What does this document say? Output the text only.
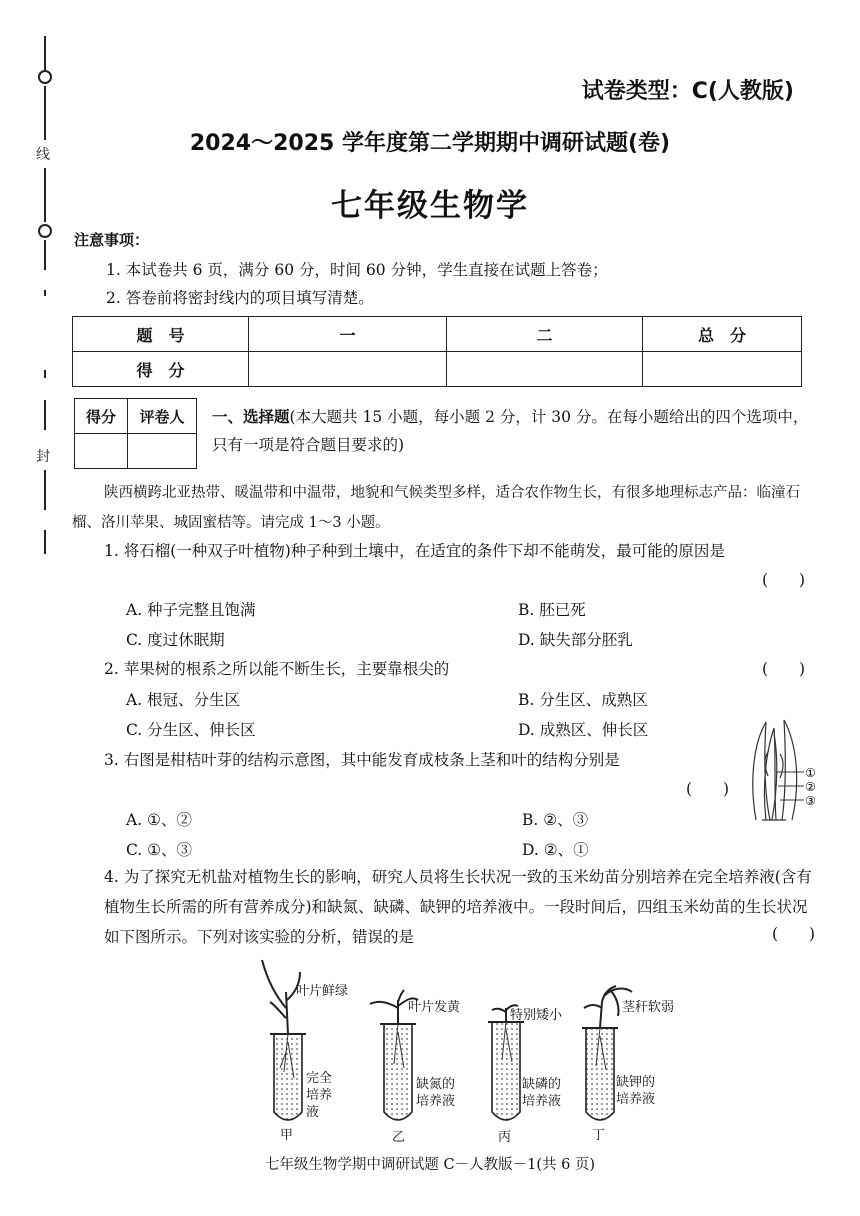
线
封
试卷类型：C(人教版)
2024～2025 学年度第二学期期中调研试题(卷)
七年级生物学
注意事项：
1. 本试卷共 6 页，满分 60 分，时间 60 分钟，学生直接在试题上答卷；
2. 答卷前将密封线内的项目填写清楚。
题　号	一	二	总　分
得　分			
得分	评卷人
	一、选择题(本大题共 15 小题，每小题 2 分，计 30 分。在每小题给出的四个选项中，只有一项是符合题目要求的)
陕西横跨北亚热带、暖温带和中温带，地貌和气候类型多样，适合农作物生长，有很多地理标志产品：临潼石榴、洛川苹果、城固蜜桔等。请完成 1～3 小题。
1. 将石榴(一种双子叶植物)种子种到土壤中，在适宜的条件下却不能萌发，最可能的原因是
(　　)
A. 种子完整且饱满	B. 胚已死
C. 度过休眠期	D. 缺失部分胚乳
2. 苹果树的根系之所以能不断生长，主要靠根尖的	(　　)
A. 根冠、分生区	B. 分生区、成熟区
C. 分生区、伸长区	D. 成熟区、伸长区
3. 右图是柑桔叶芽的结构示意图，其中能发育成枝条上茎和叶的结构分别是
(　　)
A. ①、②	B. ②、③
C. ①、③	D. ②、①
①
②
③
4. 为了探究无机盐对植物生长的影响，研究人员将生长状况一致的玉米幼苗分别培养在完全培养液(含有植物生长所需的所有营养成分)和缺氮、缺磷、缺钾的培养液中。一段时间后，四组玉米幼苗的生长状况如下图所示。下列对该实验的分析，错误的是	(　　)
叶片鲜绿
叶片发黄
特别矮小
茎秆软弱
完全培养液
缺氮的培养液
缺磷的培养液
缺钾的培养液
甲	乙	丙	丁
七年级生物学期中调研试题 C－人教版－1(共 6 页)
